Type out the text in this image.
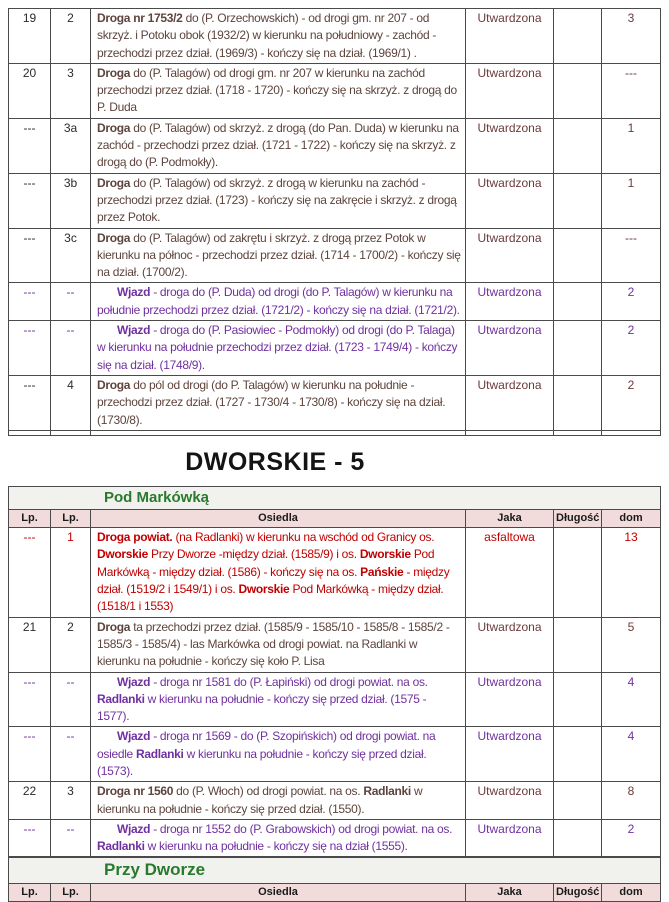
19	2	Droga nr 1753/2 do (P. Orzechowskich) - od drogi gm. nr 207 - od skrzyż. i Potoku obok (1932/2) w kierunku na południowy - zachód - przechodzi przez dział. (1969/3) - kończy się na dział. (1969/1) .	Utwardzona		3
20	3	Droga do (P. Talagów) od drogi gm. nr 207 w kierunku na zachód przechodzi przez dział. (1718 - 1720) - kończy się na skrzyż. z drogą do P. Duda	Utwardzona		---
---	3a	Droga do (P. Talagów) od skrzyż. z drogą (do Pan. Duda) w kierunku na zachód - przechodzi przez dział. (1721 - 1722) - kończy się na skrzyż. z drogą do (P. Podmokły).	Utwardzona		1
---	3b	Droga do (P. Talagów) od skrzyż. z drogą w kierunku na zachód - przechodzi przez dział. (1723) - kończy się na zakręcie i skrzyż. z drogą przez Potok.	Utwardzona		1
---	3c	Droga do (P. Talagów) od zakrętu i skrzyż. z drogą przez Potok w kierunku na północ - przechodzi przez dział. (1714 - 1700/2) - kończy się na dział. (1700/2).	Utwardzona		---
---	--	Wjazd - droga do (P. Duda) od drogi (do P. Talagów) w kierunku na południe przechodzi przez dział. (1721/2) - kończy się na dział. (1721/2).	Utwardzona		2
---	--	Wjazd - droga do (P. Pasiowiec - Podmokły) od drogi (do P. Talaga) w kierunku na południe przechodzi przez dział. (1723 - 1749/4) - kończy się na dział. (1748/9).	Utwardzona		2
---	4	Droga do pól od drogi (do P. Talagów) w kierunku na południe - przechodzi przez dział. (1727 - 1730/4 - 1730/8) - kończy się na dział. (1730/8).	Utwardzona		2

DWORSKIE - 5
Pod Markówką					
Lp.	Lp.	Osiedla	Jaka	Długość	dom
---	1	Droga powiat. (na Radlanki) w kierunku na wschód od Granicy os. Dworskie Przy Dworze -między dział. (1585/9) i os. Dworskie Pod Markówką - między dział. (1586) - kończy się na os. Pańskie - między dział. (1519/2 i 1549/1) i os. Dworskie Pod Markówką - między dział. (1518/1 i 1553)	asfaltowa		13
21	2	Droga ta przechodzi przez dział. (1585/9 - 1585/10 - 1585/8 - 1585/2 - 1585/3 - 1585/4) - las Markówka od drogi powiat. na Radlanki w kierunku na południe - kończy się koło P. Lisa	Utwardzona		5
---	--	Wjazd - droga nr 1581 do (P. Łapiński) od drogi powiat. na os. Radlanki w kierunku na południe - kończy się przed dział. (1575 - 1577).	Utwardzona		4
---	--	Wjazd - droga nr 1569 - do (P. Szopińskich) od drogi powiat. na osiedle Radlanki w kierunku na południe - kończy się przed dział. (1573).	Utwardzona		4
22	3	Droga nr 1560 do (P. Włoch) od drogi powiat. na os. Radlanki w kierunku na południe - kończy się przed dział. (1550).	Utwardzona		8
---	--	Wjazd - droga nr 1552 do (P. Grabowskich) od drogi powiat. na os. Radlanki w kierunku na południe - kończy się na dział (1555).	Utwardzona		2
Przy Dworze
Lp.	Lp.	Osiedla	Jaka	Długość	dom
